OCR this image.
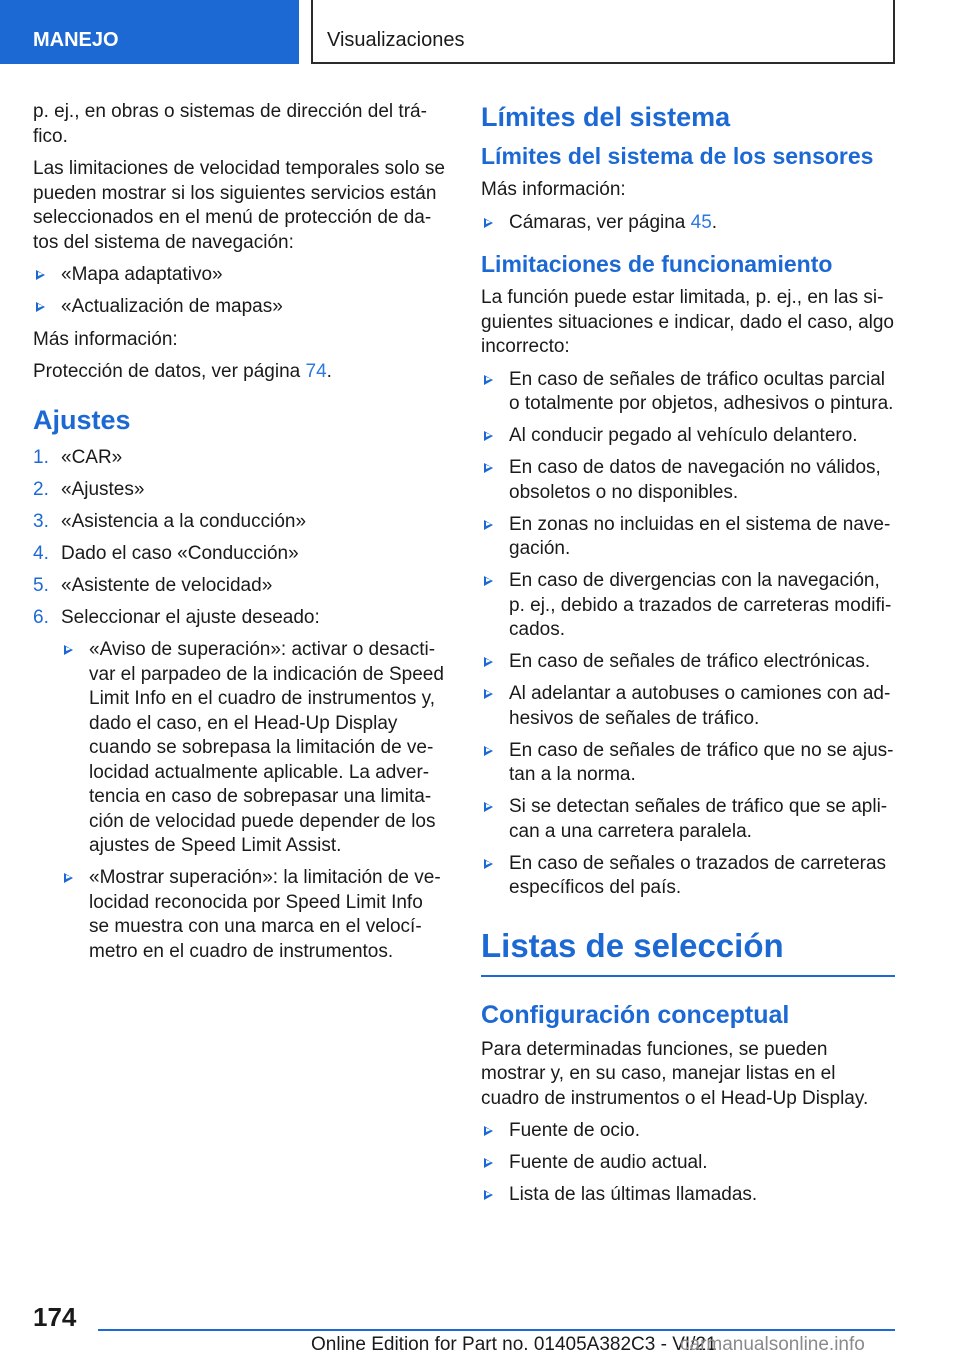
MANEJO	Visualizaciones

p. ej., en obras o sistemas de dirección del tráfico.

Las limitaciones de velocidad temporales solo se pueden mostrar si los siguientes servicios están seleccionados en el menú de protección de datos del sistema de navegación:

«Mapa adaptativo»
«Actualización de mapas»

Más información:

Protección de datos, ver página 74.

Ajustes
1. «CAR»
2. «Ajustes»
3. «Asistencia a la conducción»
4. Dado el caso «Conducción»
5. «Asistente de velocidad»
6. Seleccionar el ajuste deseado:
«Aviso de superación»: activar o desactivar el parpadeo de la indicación de Speed Limit Info en el cuadro de instrumentos y, dado el caso, en el Head-Up Display cuando se sobrepasa la limitación de velocidad actualmente aplicable. La advertencia en caso de sobrepasar una limitación de velocidad puede depender de los ajustes de Speed Limit Assist.
«Mostrar superación»: la limitación de velocidad reconocida por Speed Limit Info se muestra con una marca en el velocímetro en el cuadro de instrumentos.
Límites del sistema
Límites del sistema de los sensores

Más información:

Cámaras, ver página 45.
Limitaciones de funcionamiento

La función puede estar limitada, p. ej., en las siguientes situaciones e indicar, dado el caso, algo incorrecto:

En caso de señales de tráfico ocultas parcial o totalmente por objetos, adhesivos o pintura.
Al conducir pegado al vehículo delantero.
En caso de datos de navegación no válidos, obsoletos o no disponibles.
En zonas no incluidas en el sistema de navegación.
En caso de divergencias con la navegación, p. ej., debido a trazados de carreteras modificados.
En caso de señales de tráfico electrónicas.
Al adelantar a autobuses o camiones con adhesivos de señales de tráfico.
En caso de señales de tráfico que no se ajustan a la norma.
Si se detectan señales de tráfico que se aplican a una carretera paralela.
En caso de señales o trazados de carreteras específicos del país.
Listas de selección
Configuración conceptual

Para determinadas funciones, se pueden mostrar y, en su caso, manejar listas en el cuadro de instrumentos o el Head-Up Display.

Fuente de ocio.
Fuente de audio actual.
Lista de las últimas llamadas.
174
Online Edition for Part no. 01405A382C3 - VI/21
carmanualsonline.info
